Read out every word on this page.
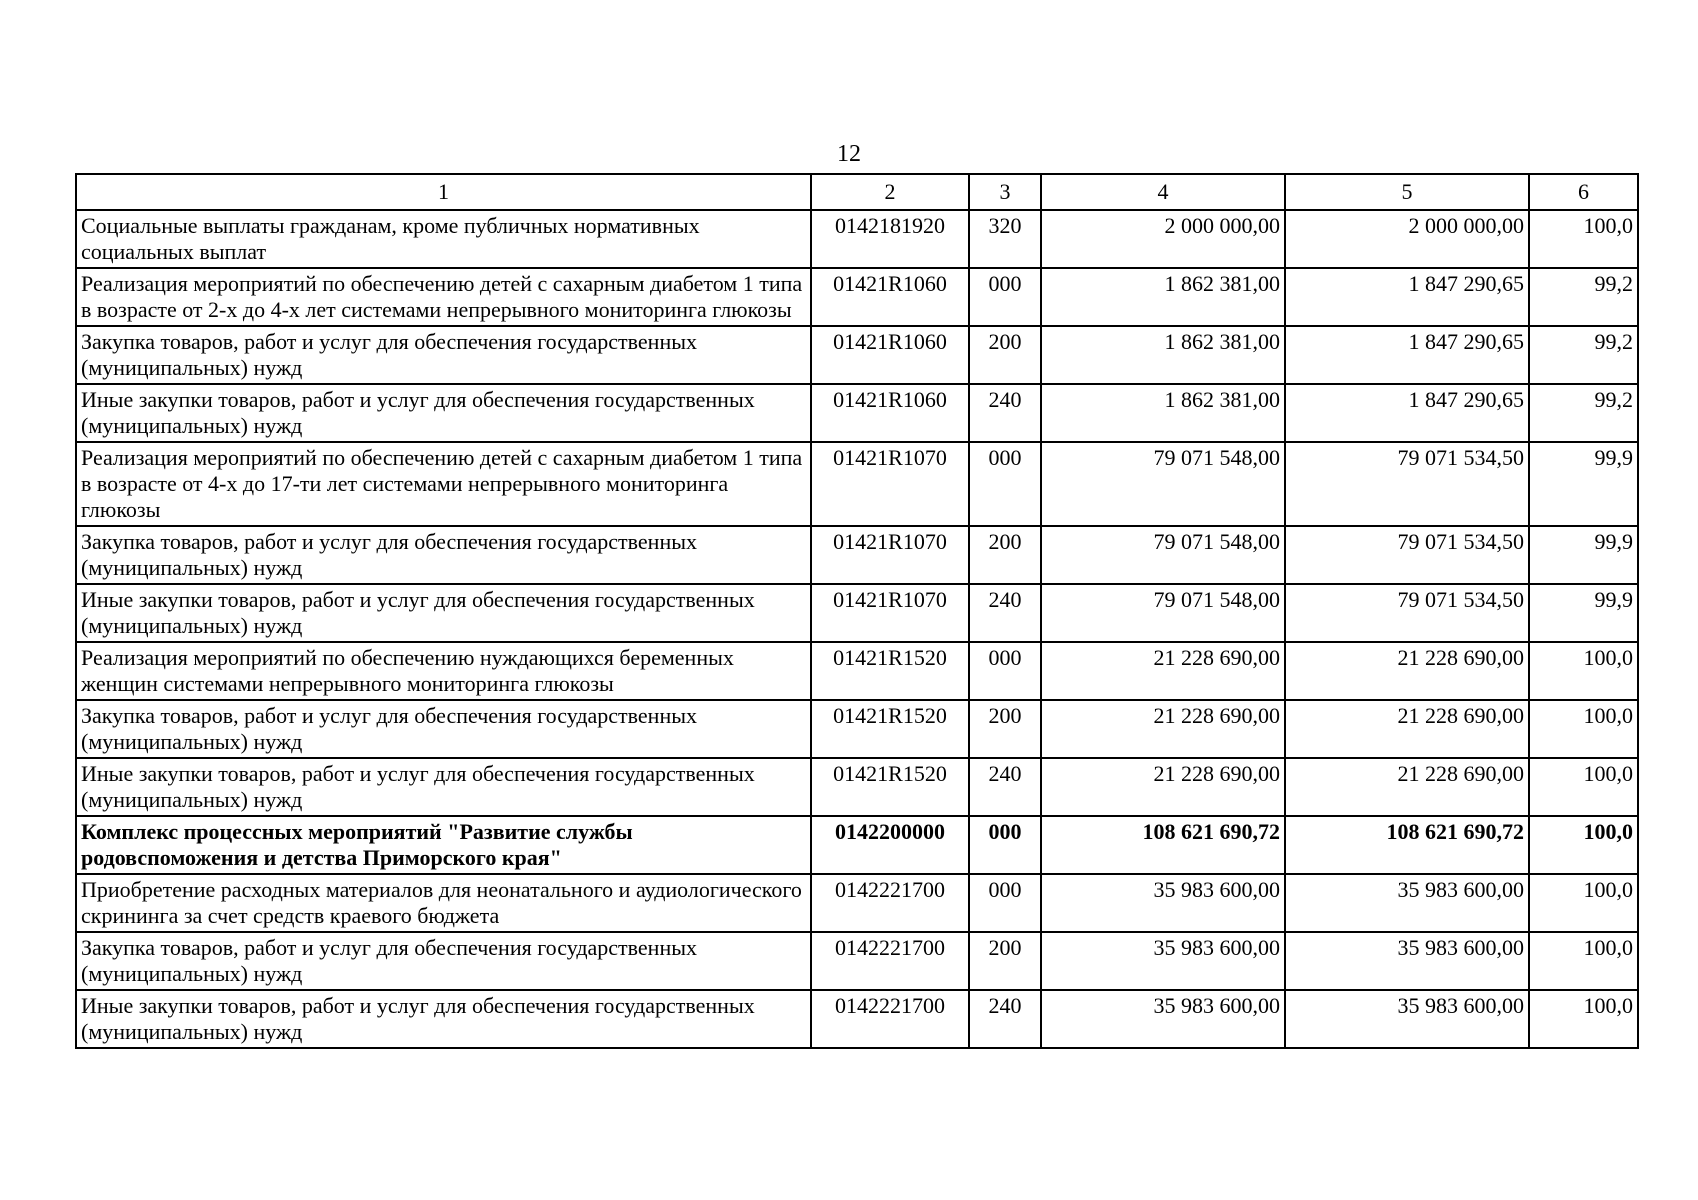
12
1	2	3	4	5	6
Социальные выплаты гражданам, кроме публичных нормативных социальных выплат	0142181920	320	2 000 000,00	2 000 000,00	100,0
Реализация мероприятий по обеспечению детей с сахарным диабетом 1 типа в возрасте от 2-х до 4-х лет системами непрерывного мониторинга глюкозы	01421R1060	000	1 862 381,00	1 847 290,65	99,2
Закупка товаров, работ и услуг для обеспечения государственных (муниципальных) нужд	01421R1060	200	1 862 381,00	1 847 290,65	99,2
Иные закупки товаров, работ и услуг для обеспечения государственных (муниципальных) нужд	01421R1060	240	1 862 381,00	1 847 290,65	99,2
Реализация мероприятий по обеспечению детей с сахарным диабетом 1 типа в возрасте от 4-х до 17-ти лет системами непрерывного мониторинга глюкозы	01421R1070	000	79 071 548,00	79 071 534,50	99,9
Закупка товаров, работ и услуг для обеспечения государственных (муниципальных) нужд	01421R1070	200	79 071 548,00	79 071 534,50	99,9
Иные закупки товаров, работ и услуг для обеспечения государственных (муниципальных) нужд	01421R1070	240	79 071 548,00	79 071 534,50	99,9
Реализация мероприятий по обеспечению нуждающихся беременных женщин системами непрерывного мониторинга глюкозы	01421R1520	000	21 228 690,00	21 228 690,00	100,0
Закупка товаров, работ и услуг для обеспечения государственных (муниципальных) нужд	01421R1520	200	21 228 690,00	21 228 690,00	100,0
Иные закупки товаров, работ и услуг для обеспечения государственных (муниципальных) нужд	01421R1520	240	21 228 690,00	21 228 690,00	100,0
Комплекс процессных мероприятий "Развитие службы родовспоможения и детства Приморского края"	0142200000	000	108 621 690,72	108 621 690,72	100,0
Приобретение расходных материалов для неонатального и аудиологического скрининга за счет средств краевого бюджета	0142221700	000	35 983 600,00	35 983 600,00	100,0
Закупка товаров, работ и услуг для обеспечения государственных (муниципальных) нужд	0142221700	200	35 983 600,00	35 983 600,00	100,0
Иные закупки товаров, работ и услуг для обеспечения государственных (муниципальных) нужд	0142221700	240	35 983 600,00	35 983 600,00	100,0
